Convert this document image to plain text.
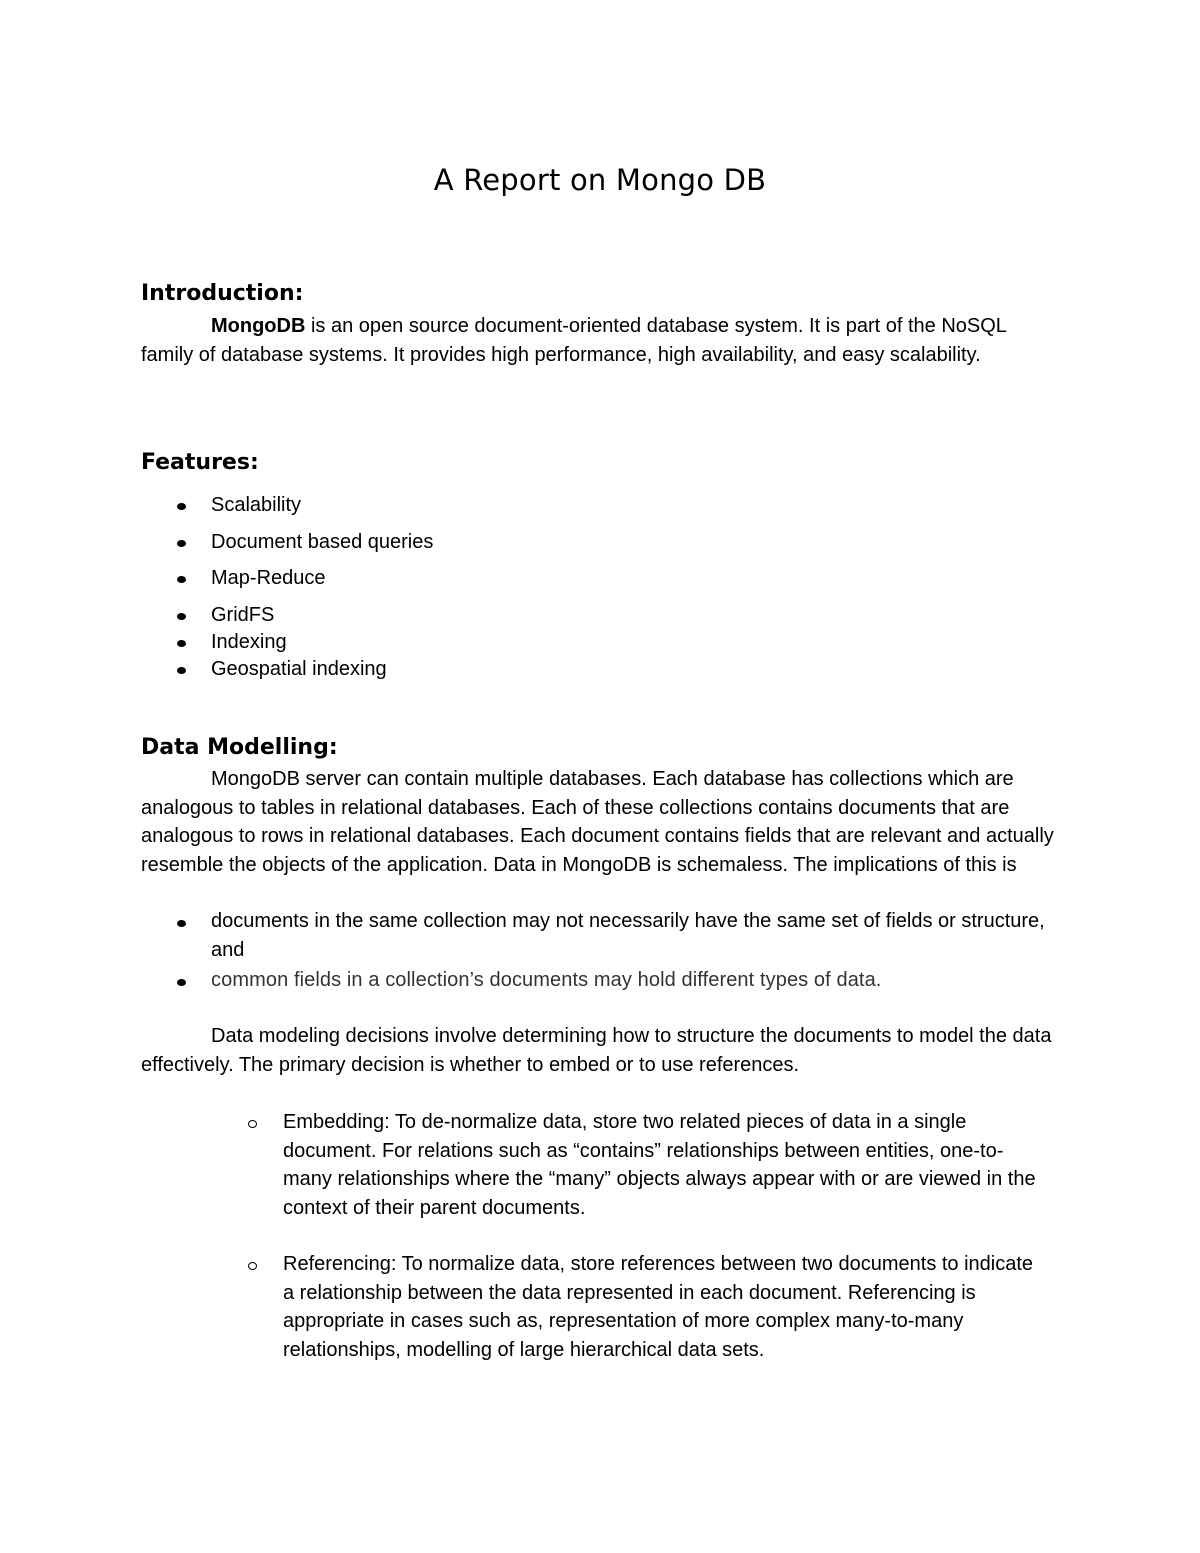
A Report on Mongo DB
Introduction:
MongoDB is an open source document-oriented database system. It is part of the NoSQL family of database systems. It provides high performance, high availability, and easy scalability.
Features:
Scalability
Document based queries
Map-Reduce
GridFS
Indexing
Geospatial indexing
Data Modelling:
MongoDB server can contain multiple databases. Each database has collections which are analogous to tables in relational databases. Each of these collections contains documents that are analogous to rows in relational databases. Each document contains fields that are relevant and actually resemble the objects of the application. Data in MongoDB is schemaless. The implications of this is
documents in the same collection may not necessarily have the same set of fields or structure, and
common fields in a collection’s documents may hold different types of data.
Data modeling decisions involve determining how to structure the documents to model the data effectively. The primary decision is whether to embed or to use references.
Embedding: To de-normalize data, store two related pieces of data in a single document. For relations such as “contains” relationships between entities, one-to-many relationships where the “many” objects always appear with or are viewed in the context of their parent documents.
Referencing: To normalize data, store references between two documents to indicate a relationship between the data represented in each document. Referencing is appropriate in cases such as, representation of more complex many-to-many relationships, modelling of large hierarchical data sets.
